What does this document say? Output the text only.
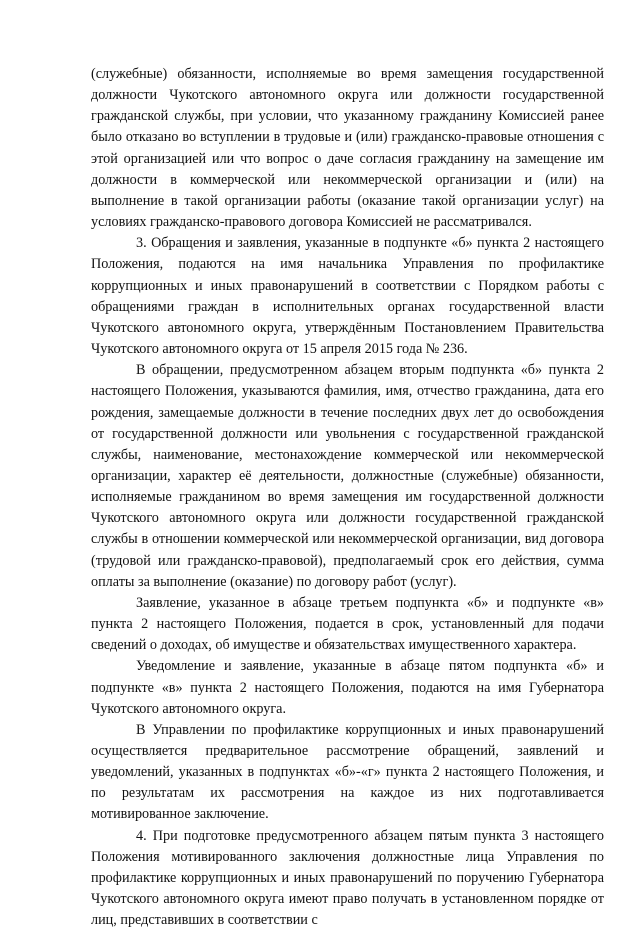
(служебные) обязанности, исполняемые во время замещения государственной должности Чукотского автономного округа или должности государственной гражданской службы, при условии, что указанному гражданину Комиссией ранее было отказано во вступлении в трудовые и (или) гражданско-правовые отношения с этой организацией или что вопрос о даче согласия гражданину на замещение им должности в коммерческой или некоммерческой организации и (или) на выполнение в такой организации работы (оказание такой организации услуг) на условиях гражданско-правового договора Комиссией не рассматривался.

3. Обращения и заявления, указанные в подпункте «б» пункта 2 настоящего Положения, подаются на имя начальника Управления по профилактике коррупционных и иных правонарушений в соответствии с Порядком работы с обращениями граждан в исполнительных органах государственной власти Чукотского автономного округа, утверждённым Постановлением Правительства Чукотского автономного округа от 15 апреля 2015 года № 236.

В обращении, предусмотренном абзацем вторым подпункта «б» пункта 2 настоящего Положения, указываются фамилия, имя, отчество гражданина, дата его рождения, замещаемые должности в течение последних двух лет до освобождения от государственной должности или увольнения с государственной гражданской службы, наименование, местонахождение коммерческой или некоммерческой организации, характер её деятельности, должностные (служебные) обязанности, исполняемые гражданином во время замещения им государственной должности Чукотского автономного округа или должности государственной гражданской службы в отношении коммерческой или некоммерческой организации, вид договора (трудовой или гражданско-правовой), предполагаемый срок его действия, сумма оплаты за выполнение (оказание) по договору работ (услуг).

Заявление, указанное в абзаце третьем подпункта «б» и подпункте «в» пункта 2 настоящего Положения, подается в срок, установленный для подачи сведений о доходах, об имуществе и обязательствах имущественного характера.

Уведомление и заявление, указанные в абзаце пятом подпункта «б» и подпункте «в» пункта 2 настоящего Положения, подаются на имя Губернатора Чукотского автономного округа.

В Управлении по профилактике коррупционных и иных правонарушений осуществляется предварительное рассмотрение обращений, заявлений и уведомлений, указанных в подпунктах «б»-«г» пункта 2 настоящего Положения, и по результатам их рассмотрения на каждое из них подготавливается мотивированное заключение.

4. При подготовке предусмотренного абзацем пятым пункта 3 настоящего Положения мотивированного заключения должностные лица Управления по профилактике коррупционных и иных правонарушений по поручению Губернатора Чукотского автономного округа имеют право получать в установленном порядке от лиц, представивших в соответствии с
